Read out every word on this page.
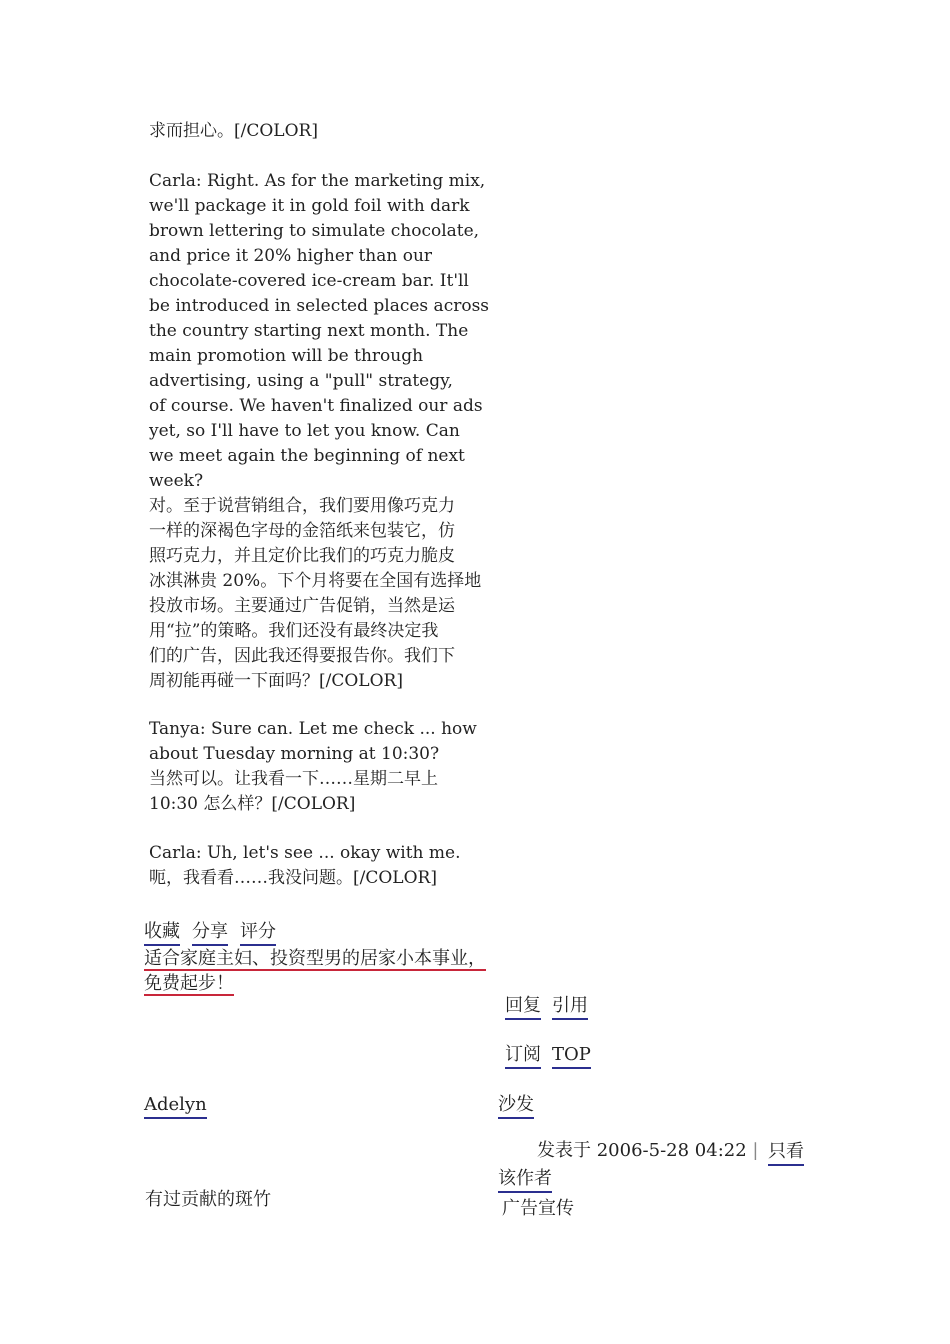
求而担心。[/COLOR]
Carla: Right. As for the marketing mix,
we'll package it in gold foil with dark
brown lettering to simulate chocolate,
and price it 20% higher than our
chocolate-covered ice-cream bar. It'll
be introduced in selected places across
the country starting next month. The
main promotion will be through
advertising, using a "pull" strategy,
of course. We haven't finalized our ads
yet, so I'll have to let you know. Can
we meet again the beginning of next
week?
对。至于说营销组合，我们要用像巧克力
一样的深褐色字母的金箔纸来包装它，仿
照巧克力，并且定价比我们的巧克力脆皮
冰淇淋贵 20%。下个月将要在全国有选择地
投放市场。主要通过广告促销，当然是运
用“拉”的策略。我们还没有最终决定我
们的广告，因此我还得要报告你。我们下
周初能再碰一下面吗？[/COLOR]
Tanya: Sure can. Let me check ... how
about Tuesday morning at 10:30?
当然可以。让我看一下……星期二早上
10:30 怎么样？[/COLOR]
Carla: Uh, let's see ... okay with me.
呃，我看看……我没问题。[/COLOR]
收藏 分享 评分
适合家庭主妇、投资型男的居家小本事业，
免费起步！
回复 引用
订阅 TOP
Adelyn	沙发
发表于 2006-5-28 04:22 | 只看
该作者
广告宣传
有过贡献的斑竹
